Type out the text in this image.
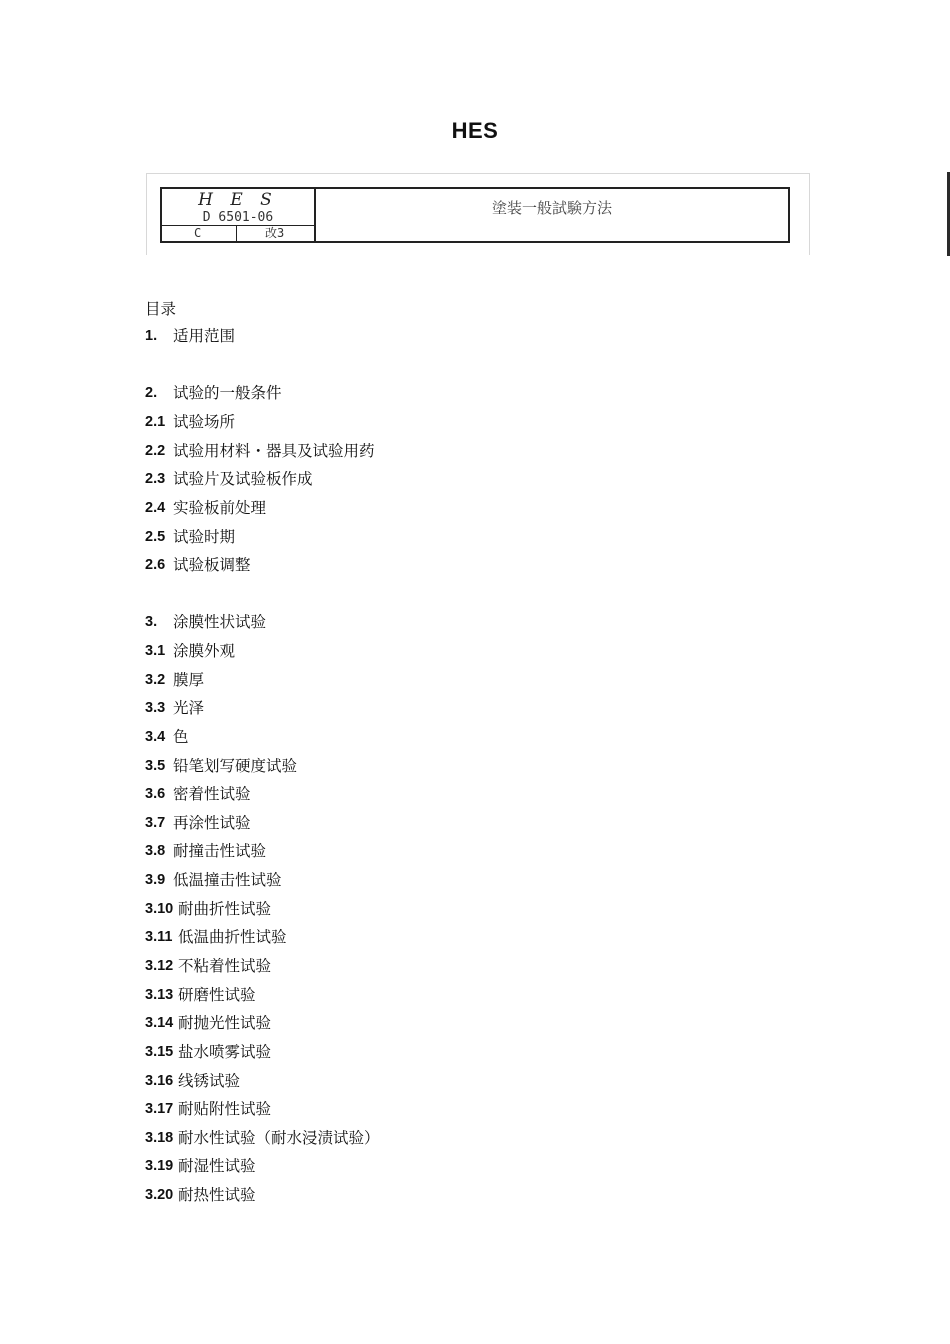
HES
H E S
D 6501-06
C	改3
塗装一般試験方法
目录
1. 适用范围
2. 试验的一般条件
2.1 试验场所
2.2 试验用材料・器具及试验用药
2.3 试验片及试验板作成
2.4 实验板前处理
2.5 试验时期
2.6 试验板调整
3. 涂膜性状试验
3.1 涂膜外观
3.2 膜厚
3.3 光泽
3.4 色
3.5 铅笔划写硬度试验
3.6 密着性试验
3.7 再涂性试验
3.8 耐撞击性试验
3.9 低温撞击性试验
3.10 耐曲折性试验
3.11 低温曲折性试验
3.12 不粘着性试验
3.13 研磨性试验
3.14 耐抛光性试验
3.15 盐水喷雾试验
3.16 线锈试验
3.17 耐贴附性试验
3.18 耐水性试验（耐水浸渍试验）
3.19 耐湿性试验
3.20 耐热性试验
